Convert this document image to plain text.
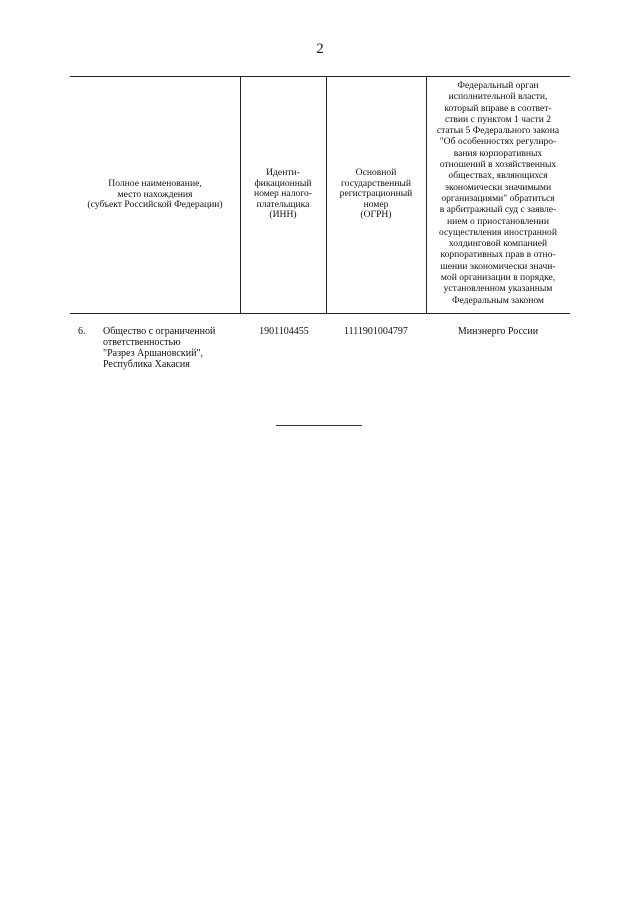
2
Полное наименование,
место нахождения
(субъект Российской Федерации)
Иденти-
фикационный
номер налого-
плательщика
(ИНН)
Основной
государственный
регистрационный
номер
(ОГРН)
Федеральный орган
исполнительной власти,
который вправе в соответ-
ствии с пунктом 1 части 2
статьи 5 Федерального закона
"Об особенностях регулиро-
вания корпоративных
отношений в хозяйственных
обществах, являющихся
экономически значимыми
организациями" обратиться
в арбитражный суд с заявле-
нием о приостановлении
осуществления иностранной
холдинговой компанией
корпоративных прав в отно-
шении экономически значи-
мой организации в порядке,
установленном указанным
Федеральным законом
6. Общество с ограниченной
ответственностью
"Разрез Аршановский",
Республика Хакасия
1901104455	1111901004797	Минэнерго России
